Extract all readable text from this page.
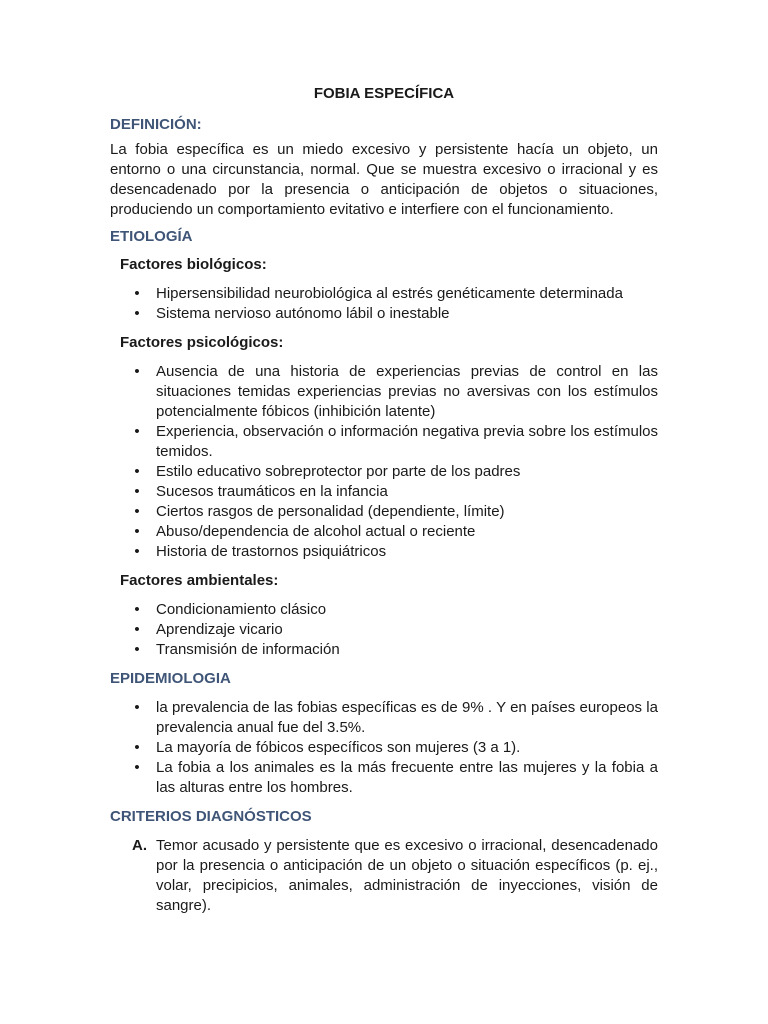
FOBIA ESPECÍFICA
DEFINICIÓN:
La fobia específica es un miedo excesivo y persistente hacía un objeto, un entorno o una circunstancia, normal. Que se muestra excesivo o irracional y es desencadenado por la presencia o anticipación de objetos o situaciones, produciendo un comportamiento evitativo e interfiere con el funcionamiento.
ETIOLOGÍA
Factores biológicos:
• Hipersensibilidad neurobiológica al estrés genéticamente determinada
• Sistema nervioso autónomo lábil o inestable
Factores psicológicos:
• Ausencia de una historia de experiencias previas de control en las situaciones temidas experiencias previas no aversivas con los estímulos potencialmente fóbicos (inhibición latente)
• Experiencia, observación o información negativa previa sobre los estímulos temidos.
• Estilo educativo sobreprotector por parte de los padres
• Sucesos traumáticos en la infancia
• Ciertos rasgos de personalidad (dependiente, límite)
• Abuso/dependencia de alcohol actual o reciente
• Historia de trastornos psiquiátricos
Factores ambientales:
• Condicionamiento clásico
• Aprendizaje vicario
• Transmisión de información
EPIDEMIOLOGIA
• la prevalencia de las fobias específicas es de 9% . Y en países europeos la prevalencia anual fue del 3.5%.
• La mayoría de fóbicos específicos son mujeres (3 a 1).
• La fobia a los animales es la más frecuente entre las mujeres y la fobia a las alturas entre los hombres.
CRITERIOS DIAGNÓSTICOS
A. Temor acusado y persistente que es excesivo o irracional, desencadenado por la presencia o anticipación de un objeto o situación específicos (p. ej., volar, precipicios, animales, administración de inyecciones, visión de sangre).
